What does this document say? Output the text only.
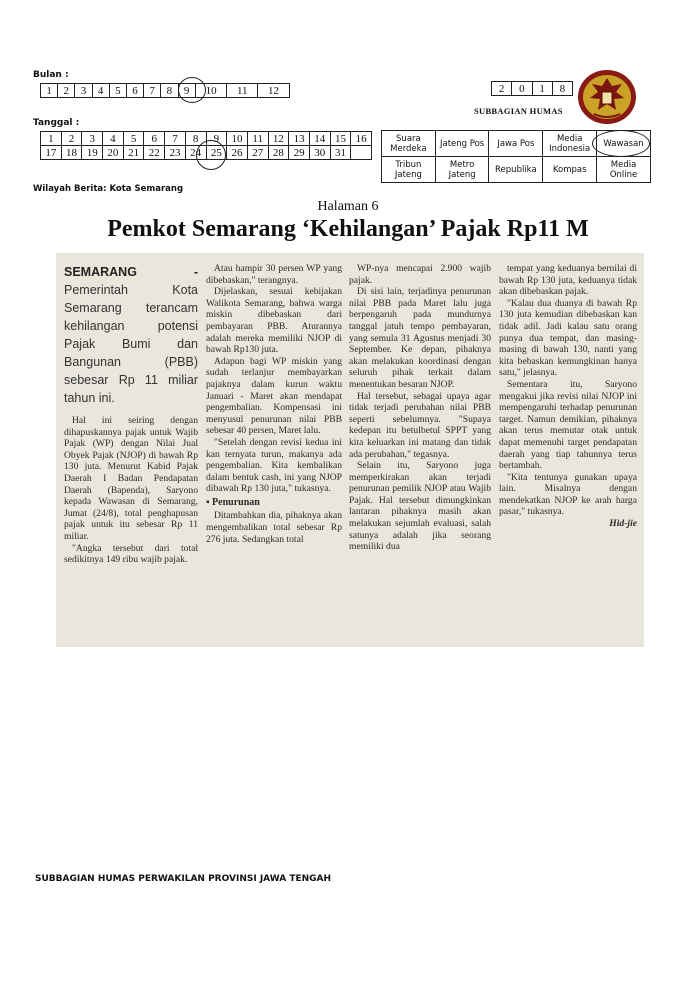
Bulan :
1	2	3	4	5	6	7	8	9	10	11	12
Tanggal :
1	2	3	4	5	6	7	8	9	10	11	12	13	14	15	16
17	18	19	20	21	22	23	24	25	26	27	28	29	30	31	
2	0	1	8
SUBBAGIAN HUMAS
Suara Merdeka	Jateng Pos	Jawa Pos	Media Indonesia	Wawasan
Tribun Jateng	Metro Jateng	Republika	Kompas	Media Online
Wilayah Berita: Kota Semarang
Halaman 6
Pemkot Semarang ‘Kehilangan’ Pajak Rp11 M
SEMARANG - Pemerintah Kota Semarang terancam kehilangan potensi Pajak Bumi dan Bangunan (PBB) sebesar Rp 11 miliar tahun ini.

Hal ini seiring dengan dihapuskannya pajak untuk Wajib Pajak (WP) dengan Nilai Jual Obyek Pajak (NJOP) di bawah Rp 130 juta. Menurut Kabid Pajak Daerah I Badan Pendapatan Daerah (Bapenda), Saryono kepada Wawasan di Semarang, Jumat (24/8), total penghapusan pajak untuk itu sebesar Rp 11 miliar.

"Angka tersebut dari total sedikitnya 149 ribu wajib pajak.

Atau hampir 30 persen WP yang dibebaskan," terangnya.

Dijelaskan, sesuai kebijakan Walikota Semarang, bahwa warga miskin dibebaskan dari pembayaran PBB. Aturannya adalah mereka memiliki NJOP di bawah Rp130 juta.

Adapun bagi WP miskin yang sudah terlanjur membayarkan pajaknya dalam kurun waktu Januari - Maret akan mendapat pengembalian. Kompensasi ini menyusul penurunan nilai PBB sebesar 40 persen, Maret lalu.

"Setelah dengan revisi kedua ini kan ternyata turun, makanya ada pengembalian. Kita kembalikan dalam bentuk cash, ini yang NJOP dibawah Rp 130 juta," tukasnya.

▪ Penurunan

Ditambahkan dia, pihaknya akan mengembalikan total sebesar Rp 276 juta. Sedangkan total

WP-nya mencapai 2.900 wajib pajak.

Di sisi lain, terjadinya penurunan nilai PBB pada Maret lalu juga berpengaruh pada mundurnya tanggal jatuh tempo pembayaran, yang semula 31 Agustus menjadi 30 September. Ke depan, pihaknya akan melakukan koordinasi dengan seluruh pihak terkait dalam menentukan besaran NJOP.

Hal tersebut, sebagai upaya agar tidak terjadi perubahan nilai PBB seperti sebelumnya. "Supaya kedepan itu betulbetul SPPT yang kita keluarkan ini matang dan tidak ada perubahan," tegasnya.

Selain itu, Saryono juga memperkirakan akan terjadi penurunan pemilik NJOP atau Wajib Pajak. Hal tersebut dimungkinkan lantaran pihaknya masih akan melakukan sejumlah evaluasi, salah satunya adalah jika seorang memiliki dua

tempat yang keduanya bernilai di bawah Rp 130 juta, keduanya tidak akan dibebaskan pajak.

"Kalau dua duanya di bawah Rp 130 juta kemudian dibebaskan kan tidak adil. Jadi kalau satu orang punya dua tempat, dan masing-masing di bawah 130, nanti yang kita bebaskan kemungkinan hanya satu," jelasnya.

Sementara itu, Saryono mengakui jika revisi nilai NJOP ini mempengaruhi terhadap penurunan target. Namun demikian, pihaknya akan terus memutar otak untuk dapat memenuhi target pendapatan daerah yang tiap tahunnya terus bertambah.

"Kita tentunya gunakan upaya lain. Misalnya dengan mendekatkan NJOP ke arah harga pasar," tukasnya.

Hid-jie
SUBBAGIAN HUMAS PERWAKILAN PROVINSI JAWA TENGAH
